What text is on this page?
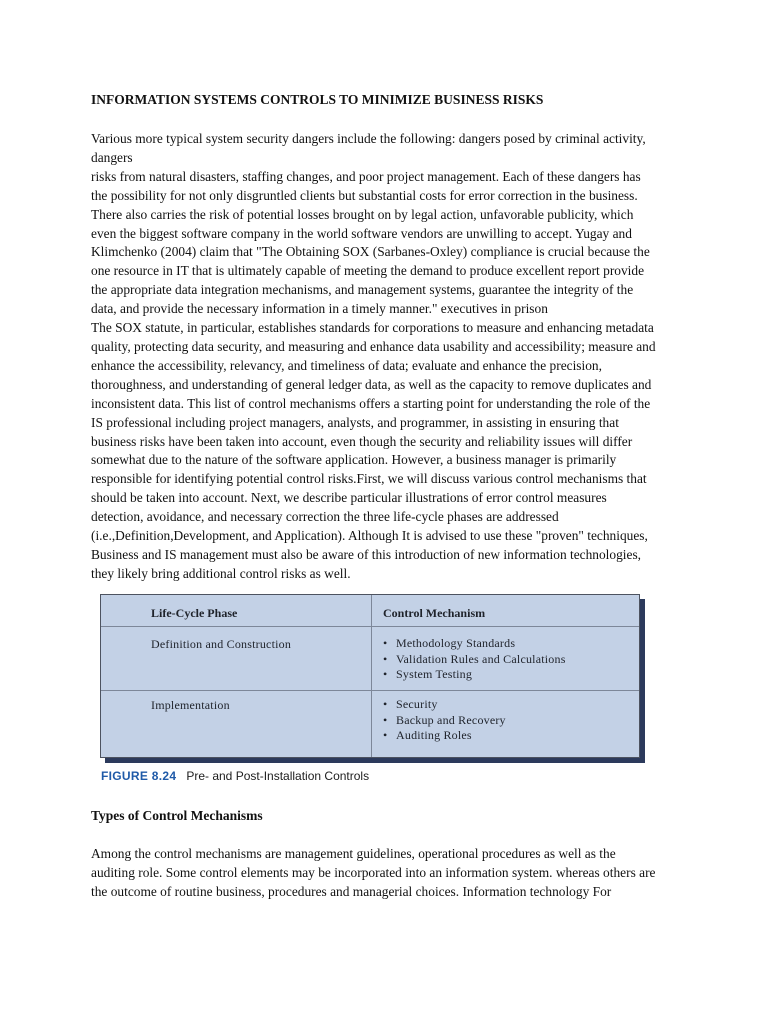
INFORMATION SYSTEMS CONTROLS TO MINIMIZE BUSINESS RISKS
Various more typical system security dangers include the following: dangers posed by criminal activity,
dangers
risks from natural disasters, staffing changes, and poor project management. Each of these dangers has
the possibility for not only disgruntled clients but substantial costs for error correction in the business.
There also carries the risk of potential losses brought on by legal action, unfavorable publicity, which
even the biggest software company in the world software vendors are unwilling to accept. Yugay and
Klimchenko (2004) claim that "The Obtaining SOX (Sarbanes-Oxley) compliance is crucial because the
one resource in IT that is ultimately capable of meeting the demand to produce excellent report provide
the appropriate data integration mechanisms, and management systems, guarantee the integrity of the
data, and provide the necessary information in a timely manner." executives in prison
The SOX statute, in particular, establishes standards for corporations to measure and enhancing metadata
quality, protecting data security, and measuring and enhance data usability and accessibility; measure and
enhance the accessibility, relevancy, and timeliness of data; evaluate and enhance the precision,
thoroughness, and understanding of general ledger data, as well as the capacity to remove duplicates and
inconsistent data. This list of control mechanisms offers a starting point for understanding the role of the
IS professional including project managers, analysts, and programmer, in assisting in ensuring that
business risks have been taken into account, even though the security and reliability issues will differ
somewhat due to the nature of the software application. However, a business manager is primarily
responsible for identifying potential control risks.First, we will discuss various control mechanisms that
should be taken into account. Next, we describe particular illustrations of error control measures
detection, avoidance, and necessary correction the three life-cycle phases are addressed
(i.e.,Definition,Development, and Application). Although It is advised to use these "proven" techniques,
Business and IS management must also be aware of this introduction of new information technologies,
they likely bring additional control risks as well.
Life-Cycle Phase	Control Mechanism
Definition and Construction	• Methodology Standards
• Validation Rules and Calculations
• System Testing
Implementation	• Security
• Backup and Recovery
• Auditing Roles
FIGURE 8.24 Pre- and Post-Installation Controls
Types of Control Mechanisms
Among the control mechanisms are management guidelines, operational procedures as well as the
auditing role. Some control elements may be incorporated into an information system. whereas others are
the outcome of routine business, procedures and managerial choices. Information technology For
